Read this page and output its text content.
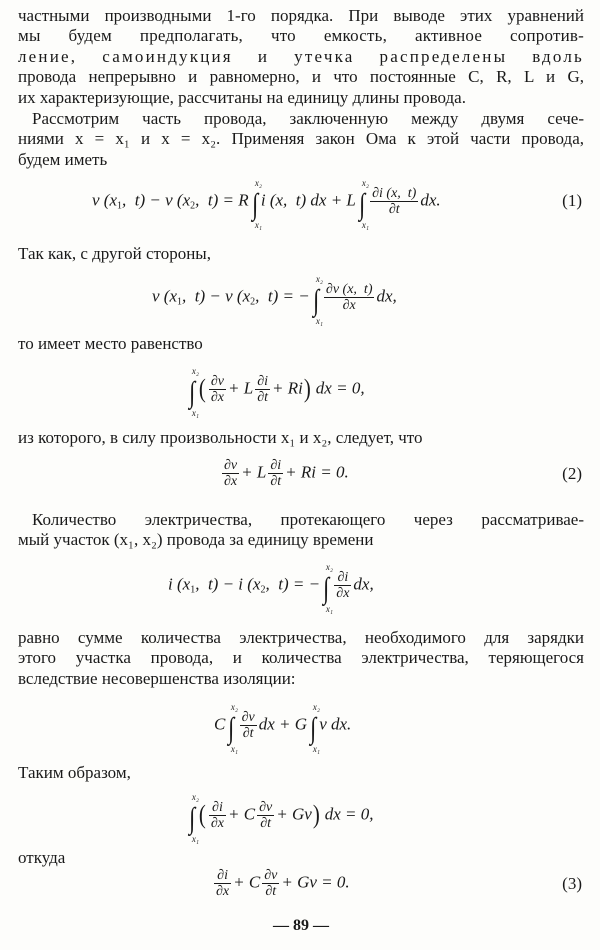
частными производными 1-го порядка. При выводе этих уравнений
мы будем предполагать, что емкость, активное сопротив-
ление, самоиндукция и утечка распределены вдоль
провода непрерывно и равномерно, и что постоянные C, R, L и G,
их характеризующие, рассчитаны на единицу длины провода.

Рассмотрим часть провода, заключенную между двумя сече-
ниями x = x₁ и x = x₂. Применяя закон Ома к этой части провода,
будем иметь

v ($x_1$,  t) − v ($x_2$,  t) = R ∫
x₂
x₁
i (x,  t) dx + L ∫
x₂
x₁
$\frac{\partial i (x, t)}{\partial t}$ dx.	(1)

Так как, с другой стороны,

v ($x_1$,  t) − v ($x_2$,  t) = − ∫
x₂
x₁
$\frac{\partial v (x, t)}{\partial x}$ dx,

то имеет место равенство

∫
x₂
x₁
( $\frac{\partial v}{\partial x} + L \frac{\partial i}{\partial t} + Ri$) dx = 0,

из которого, в силу произвольности x₁ и x₂, следует, что

$\frac{\partial v}{\partial x} + L \frac{\partial i}{\partial t} + Ri = 0$.	(2)

Количество электричества, протекающего через рассматривае-
мый участок (x₁, x₂) провода за единицу времени

i ($x_1$,  t) − i ($x_2$,  t) = − ∫
x₂
x₁
$\frac{\partial i}{\partial x}$ dx,

равно сумме количества электричества, необходимого для зарядки
этого участка провода, и количества электричества, теряющегося
вследствие несовершенства изоляции:

C ∫
x₂
x₁
$\frac{\partial v}{\partial t}$ dx + G ∫
x₂
x₁
v dx.

Таким образом,

∫
x₂
x₁
( $\frac{\partial i}{\partial x} + C \frac{\partial v}{\partial t} + Gv$) dx = 0,

откуда

$\frac{\partial i}{\partial x} + C \frac{\partial v}{\partial t} + Gv = 0$.	(3)
— 89 —
